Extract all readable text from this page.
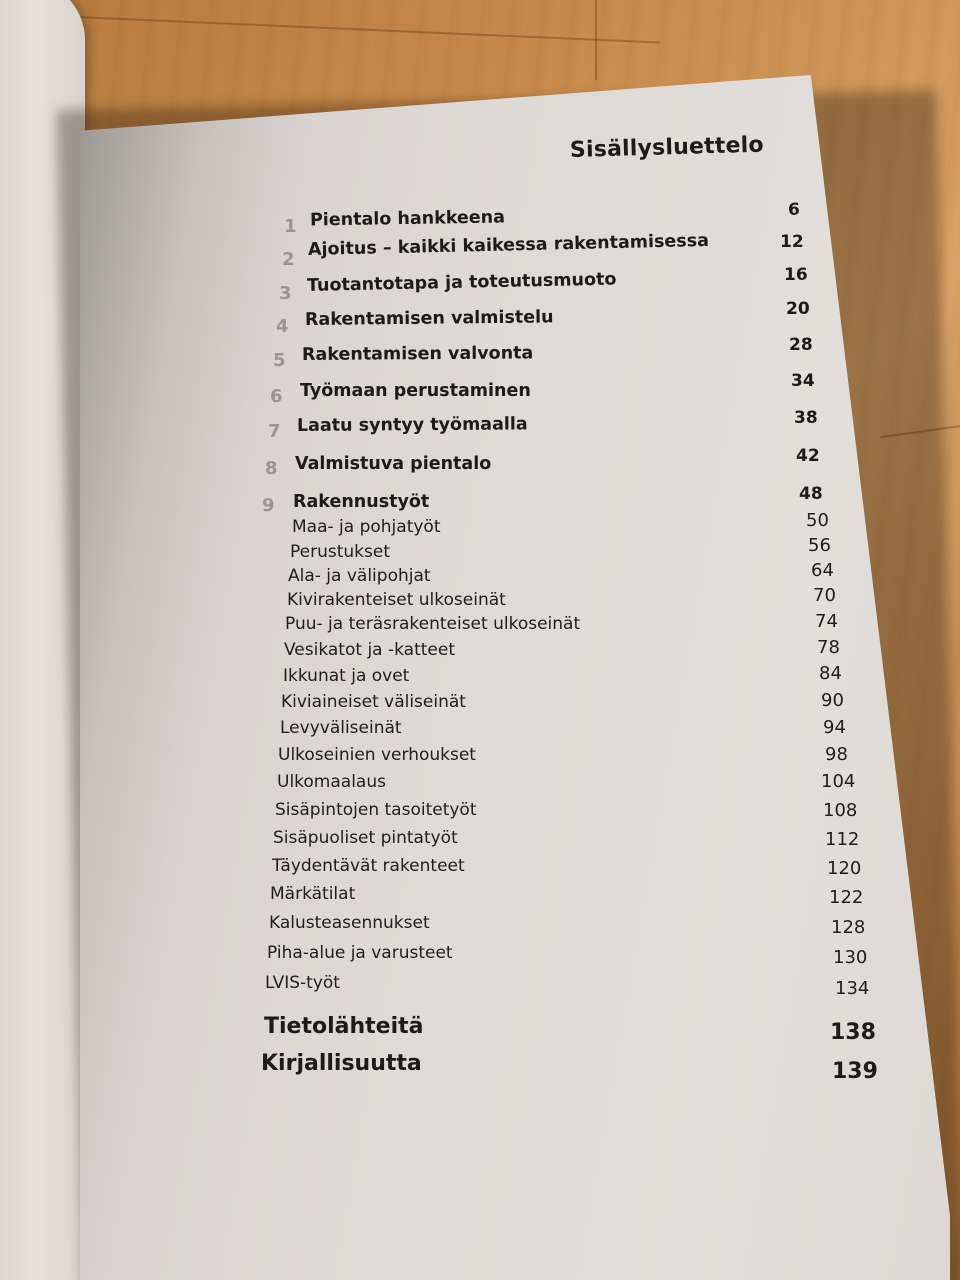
Sisällysluettelo
1 Pientalo hankkeena	6
2 Ajoitus – kaikki kaikessa rakentamisessa	12
3 Tuotantotapa ja toteutusmuoto	16
4 Rakentamisen valmistelu	20
5 Rakentamisen valvonta	28
6 Työmaan perustaminen	34
7 Laatu syntyy työmaalla	38
8 Valmistuva pientalo	42
9 Rakennustyöt	48
Maa- ja pohjatyöt	50
Perustukset	56
Ala- ja välipohjat	64
Kivirakenteiset ulkoseinät	70
Puu- ja teräsrakenteiset ulkoseinät	74
Vesikatot ja -katteet	78
Ikkunat ja ovet	84
Kiviaineiset väliseinät	90
Levyväliseinät	94
Ulkoseinien verhoukset	98
Ulkomaalaus	104
Sisäpintojen tasoitetyöt	108
Sisäpuoliset pintatyöt	112
Täydentävät rakenteet	120
Märkätilat	122
Kalusteasennukset	128
Piha-alue ja varusteet	130
LVIS-työt	134
Tietolähteitä	138
Kirjallisuutta	139
